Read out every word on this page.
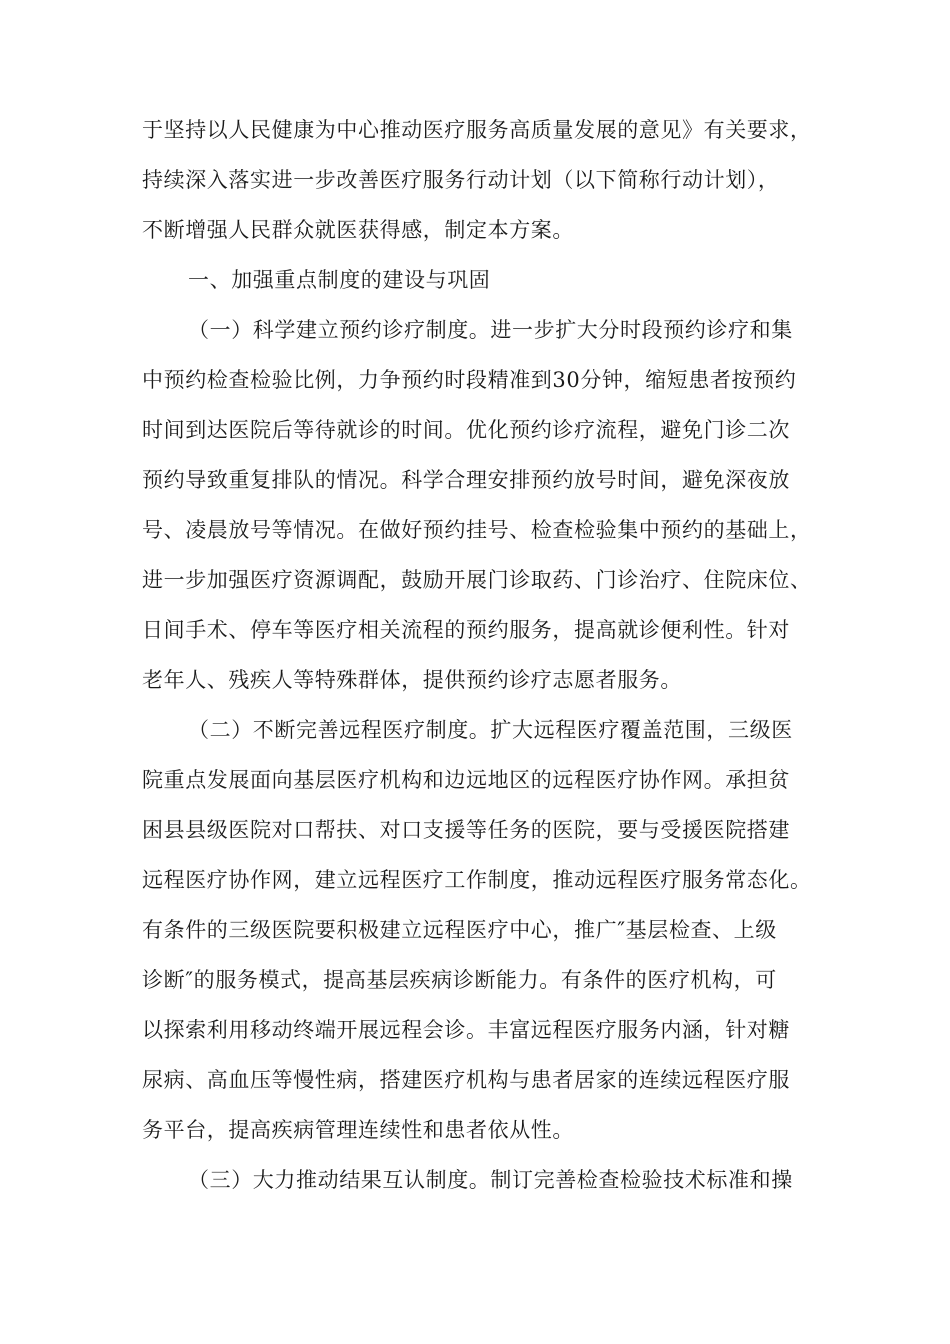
于坚持以人民健康为中心推动医疗服务高质量发展的意见》有关要求，
持续深入落实进一步改善医疗服务行动计划（以下简称行动计划），
不断增强人民群众就医获得感，制定本方案。
一、加强重点制度的建设与巩固
（一）科学建立预约诊疗制度。进一步扩大分时段预约诊疗和集
中预约检查检验比例，力争预约时段精准到30分钟，缩短患者按预约
时间到达医院后等待就诊的时间。优化预约诊疗流程，避免门诊二次
预约导致重复排队的情况。科学合理安排预约放号时间，避免深夜放
号、凌晨放号等情况。在做好预约挂号、检查检验集中预约的基础上，
进一步加强医疗资源调配，鼓励开展门诊取药、门诊治疗、住院床位、
日间手术、停车等医疗相关流程的预约服务，提高就诊便利性。针对
老年人、残疾人等特殊群体，提供预约诊疗志愿者服务。
（二）不断完善远程医疗制度。扩大远程医疗覆盖范围，三级医
院重点发展面向基层医疗机构和边远地区的远程医疗协作网。承担贫
困县县级医院对口帮扶、对口支援等任务的医院，要与受援医院搭建
远程医疗协作网，建立远程医疗工作制度，推动远程医疗服务常态化。
有条件的三级医院要积极建立远程医疗中心，推广″基层检查、上级
诊断″的服务模式，提高基层疾病诊断能力。有条件的医疗机构，可
以探索利用移动终端开展远程会诊。丰富远程医疗服务内涵，针对糖
尿病、高血压等慢性病，搭建医疗机构与患者居家的连续远程医疗服
务平台，提高疾病管理连续性和患者依从性。
（三）大力推动结果互认制度。制订完善检查检验技术标准和操
